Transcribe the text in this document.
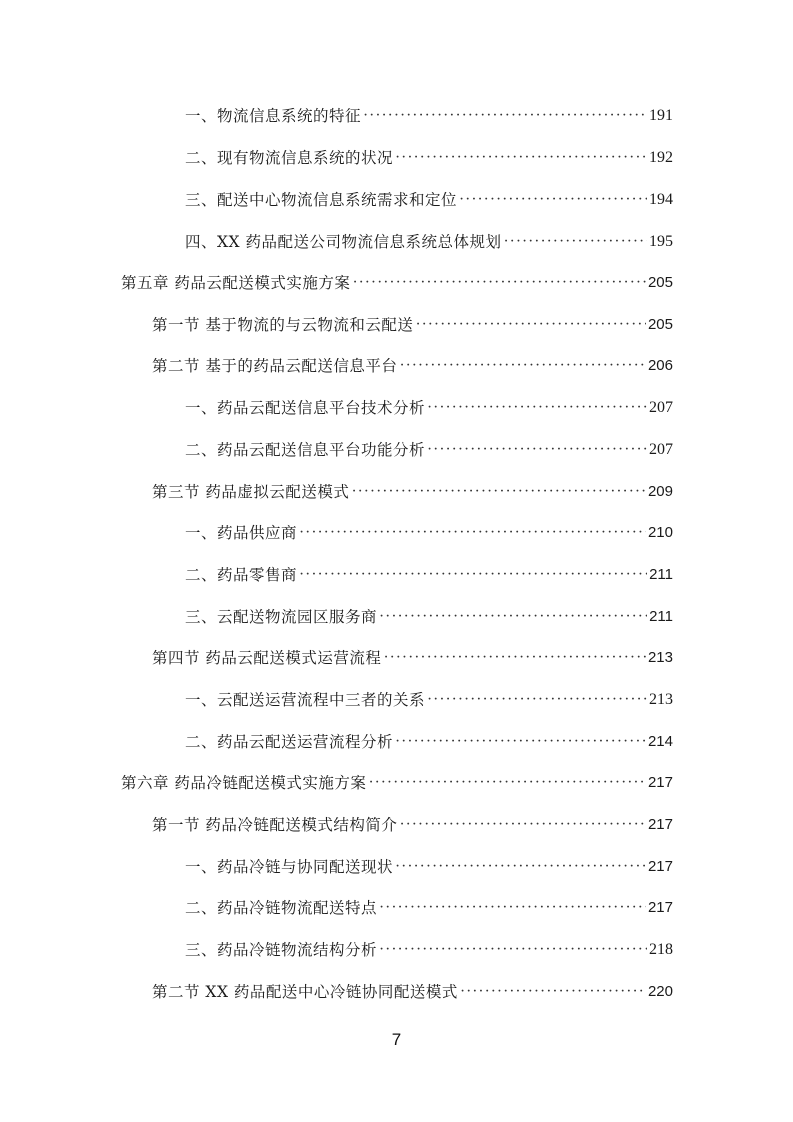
一、物流信息系统的特征 ·····	191
二、现有物流信息系统的状况 ·····	192
三、配送中心物流信息系统需求和定位 ·····	194
四、XX 药品配送公司物流信息系统总体规划 ·····	195
第五章 药品云配送模式实施方案 ·····	205
第一节 基于物流的与云物流和云配送 ·····	205
第二节 基于的药品云配送信息平台 ·····	206
一、药品云配送信息平台技术分析 ·····	207
二、药品云配送信息平台功能分析 ·····	207
第三节 药品虚拟云配送模式 ·····	209
一、药品供应商 ·····	210
二、药品零售商 ·····	211
三、云配送物流园区服务商 ·····	211
第四节 药品云配送模式运营流程 ·····	213
一、云配送运营流程中三者的关系 ·····	213
二、药品云配送运营流程分析 ·····	214
第六章 药品冷链配送模式实施方案 ·····	217
第一节 药品冷链配送模式结构简介 ·····	217
一、药品冷链与协同配送现状 ·····	217
二、药品冷链物流配送特点 ·····	217
三、药品冷链物流结构分析 ·····	218
第二节 XX 药品配送中心冷链协同配送模式 ·····	220
7
